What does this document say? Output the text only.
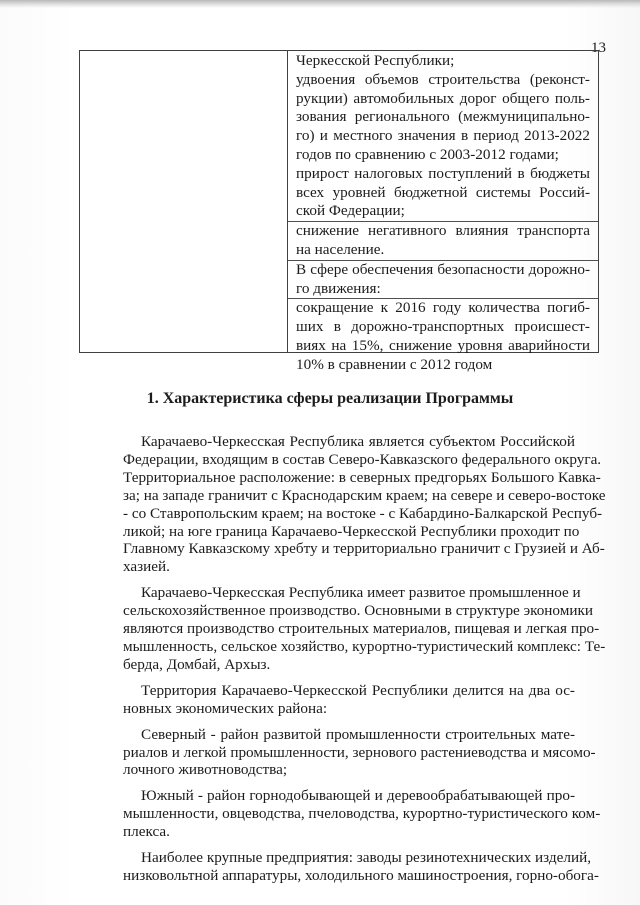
13
Черкесской Республики;
удвоения объемов строительства (реконст-
рукции) автомобильных дорог общего поль-
зования регионального (межмуниципально-
го) и местного значения в период 2013-2022
годов по сравнению с 2003-2012 годами;
прирост налоговых поступлений в бюджеты
всех уровней бюджетной системы Россий-
ской Федерации;
снижение негативного влияния транспорта
на население.
В сфере обеспечения безопасности дорожно-
го движения:
сокращение к 2016 году количества погиб-
ших в дорожно-транспортных происшест-
виях на 15%, снижение уровня аварийности
10% в сравнении с 2012 годом
1. Характеристика сферы реализации Программы
Карачаево-Черкесская Республика является субъектом Российской
Федерации, входящим в состав Северо-Кавказского федерального округа.
Территориальное расположение: в северных предгорьях Большого Кавка-
за; на западе граничит с Краснодарским краем; на севере и северо-востоке
- со Ставропольским краем; на востоке - с Кабардино-Балкарской Респуб-
ликой; на юге граница Карачаево-Черкесской Республики проходит по
Главному Кавказскому хребту и территориально граничит с Грузией и Аб-
хазией.
Карачаево-Черкесская Республика имеет развитое промышленное и
сельскохозяйственное производство. Основными в структуре экономики
являются производство строительных материалов, пищевая и легкая про-
мышленность, сельское хозяйство, курортно-туристический комплекс: Те-
берда, Домбай, Архыз.
Территория Карачаево-Черкесской Республики делится на два ос-
новных экономических района:
Северный - район развитой промышленности строительных мате-
риалов и легкой промышленности, зернового растениеводства и мясомо-
лочного животноводства;
Южный - район горнодобывающей и деревообрабатывающей про-
мышленности, овцеводства, пчеловодства, курортно-туристического ком-
плекса.
Наиболее крупные предприятия: заводы резинотехнических изделий,
низковольтной аппаратуры, холодильного машиностроения, горно-обога-
